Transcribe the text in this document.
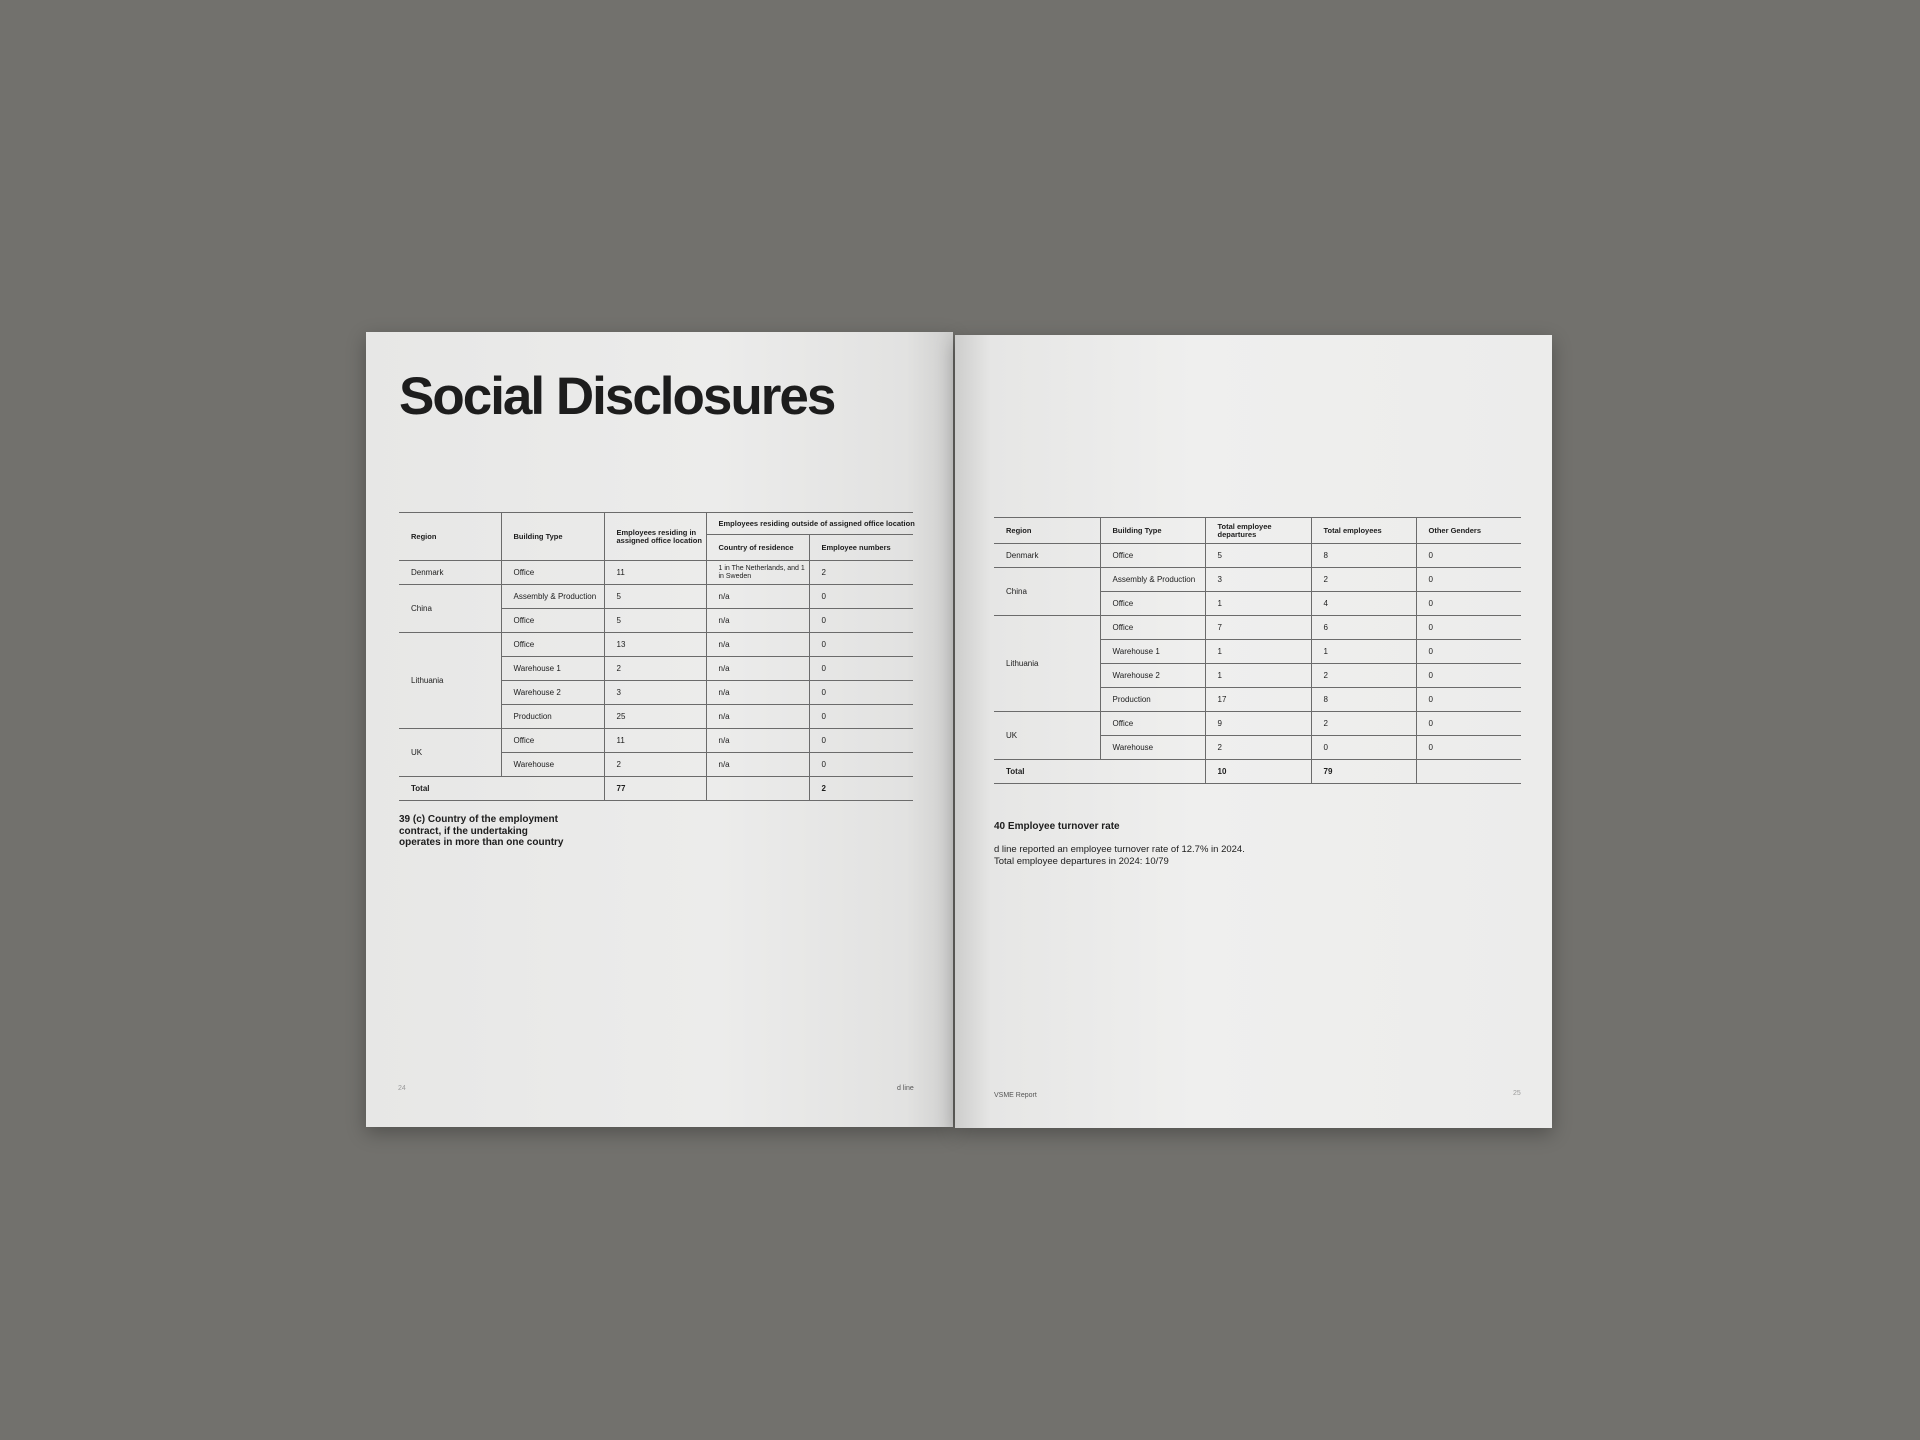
Social Disclosures
Region	Building Type	Employees residing in assigned office location	Employees residing outside of assigned office location	
			Country of residence	Employee numbers
Denmark	Office	11	1 in The Netherlands, and 1 in Sweden	2
China	Assembly & Production	5	n/a	0
	Office	5	n/a	0
Lithuania	Office	13	n/a	0
	Warehouse 1	2	n/a	0
	Warehouse 2	3	n/a	0
	Production	25	n/a	0
UK	Office	11	n/a	0
	Warehouse	2	n/a	0
Total		77		2

39 (c) Country of the employment contract, if the undertaking operates in more than one country

24	d line
Region	Building Type	Total employee departures	Total employees	Other Genders
Denmark	Office	5	8	0
China	Assembly & Production	3	2	0
	Office	1	4	0
Lithuania	Office	7	6	0
	Warehouse 1	1	1	0
	Warehouse 2	1	2	0
	Production	17	8	0
UK	Office	9	2	0
	Warehouse	2	0	0
Total		10	79	

40 Employee turnover rate

d line reported an employee turnover rate of 12.7% in 2024.

Total employee departures in 2024: 10/79

VSME Report	25
